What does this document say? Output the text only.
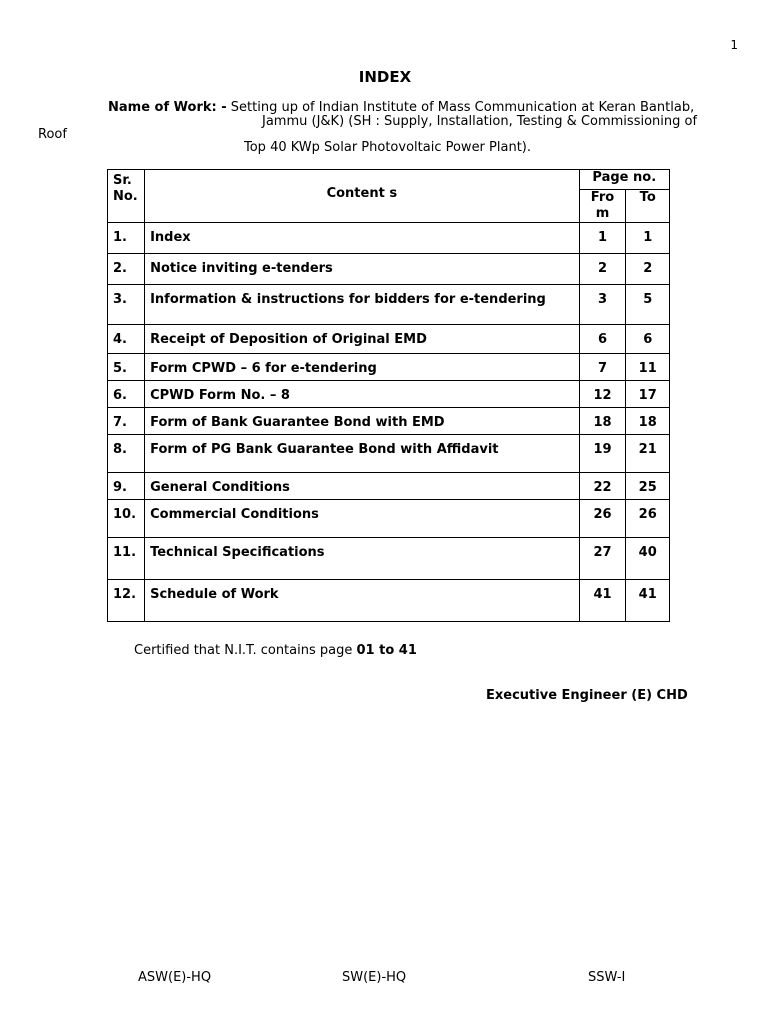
1
INDEX
Name of Work: - Setting up of Indian Institute of Mass Communication at Keran Bantlab,
Jammu (J&K) (SH : Supply, Installation, Testing & Commissioning of
Roof
Top 40 KWp Solar Photovoltaic Power Plant).
Sr. No.	Content s	Page no.	
		Fro m	To
1.	Index	1	1
2.	Notice inviting e-tenders	2	2
3.	Information & instructions for bidders for e-tendering	3	5
4.	Receipt of Deposition of Original EMD	6	6
5.	Form CPWD – 6 for e-tendering	7	11
6.	CPWD Form No. – 8	12	17
7.	Form of Bank Guarantee Bond with EMD	18	18
8.	Form of PG Bank Guarantee Bond with Affidavit	19	21
9.	General Conditions	22	25
10.	Commercial Conditions	26	26
11.	Technical Specifications	27	40
12.	Schedule of Work	41	41
Certified that N.I.T. contains page 01 to 41
Executive Engineer (E) CHD
ASW(E)-HQ	SW(E)-HQ	SSW-I
